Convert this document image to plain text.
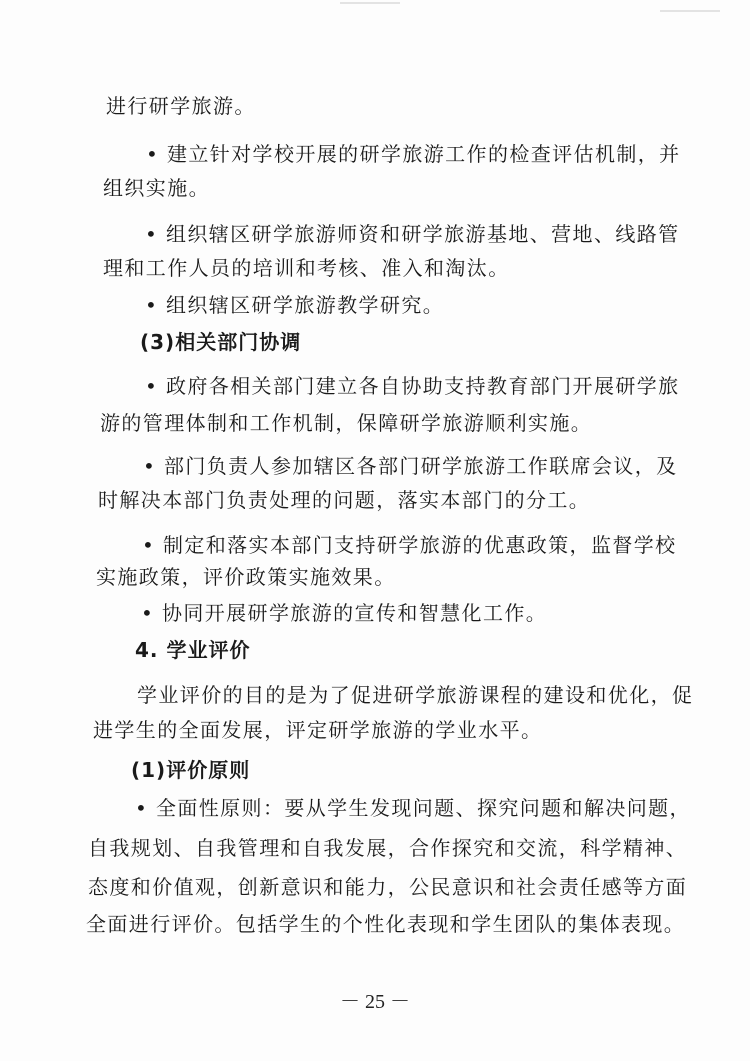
进行研学旅游。
• 建立针对学校开展的研学旅游工作的检查评估机制，并
组织实施。
• 组织辖区研学旅游师资和研学旅游基地、营地、线路管
理和工作人员的培训和考核、准入和淘汰。
• 组织辖区研学旅游教学研究。
(3)相关部门协调
• 政府各相关部门建立各自协助支持教育部门开展研学旅
游的管理体制和工作机制，保障研学旅游顺利实施。
• 部门负责人参加辖区各部门研学旅游工作联席会议，及
时解决本部门负责处理的问题，落实本部门的分工。
• 制定和落实本部门支持研学旅游的优惠政策，监督学校
实施政策，评价政策实施效果。
• 协同开展研学旅游的宣传和智慧化工作。
4. 学业评价
学业评价的目的是为了促进研学旅游课程的建设和优化，促
进学生的全面发展，评定研学旅游的学业水平。
(1)评价原则
• 全面性原则：要从学生发现问题、探究问题和解决问题，
自我规划、自我管理和自我发展，合作探究和交流，科学精神、
态度和价值观，创新意识和能力，公民意识和社会责任感等方面
全面进行评价。包括学生的个性化表现和学生团队的集体表现。
－ 25 －
